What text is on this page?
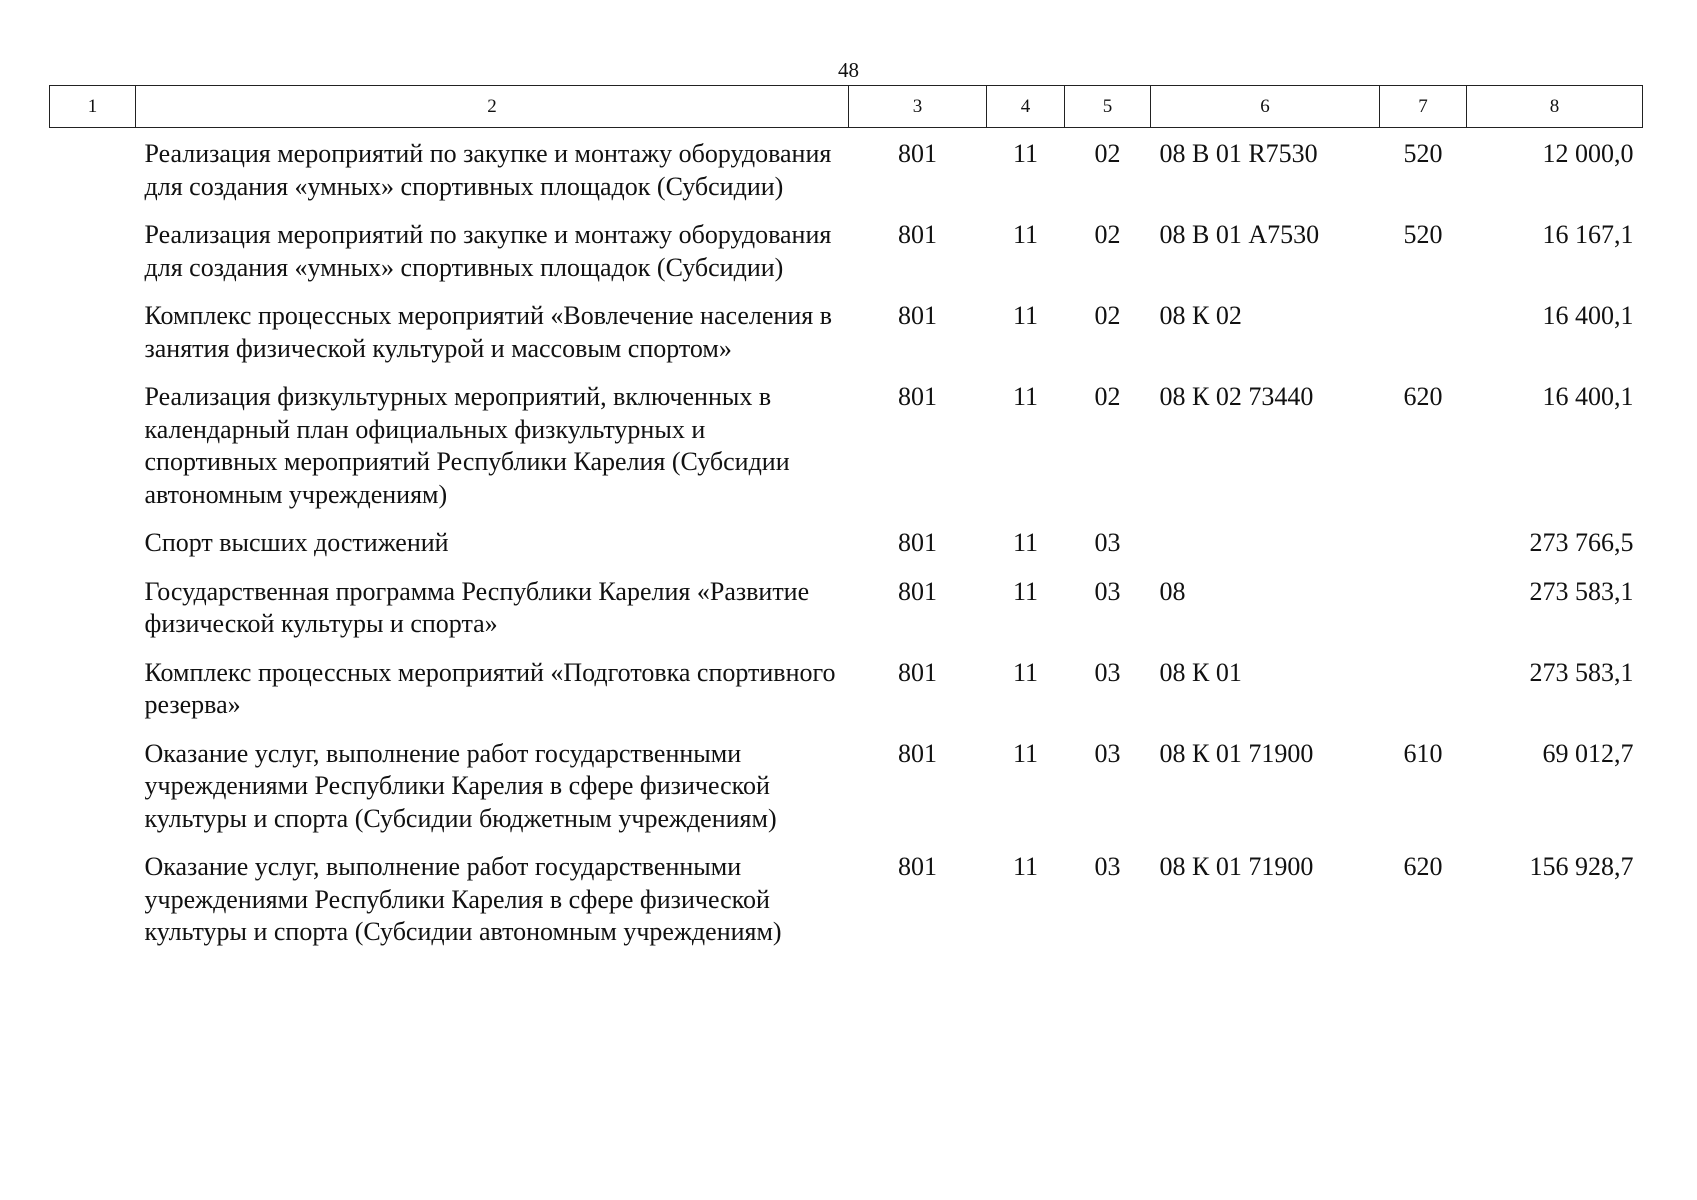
48
1	2	3	4	5	6	7	8
	Реализация мероприятий по закупке и монтажу оборудования для создания «умных» спортивных площадок (Субсидии)	801	11	02	08 В 01 R7530	520	12 000,0
	Реализация мероприятий по закупке и монтажу оборудования для создания «умных» спортивных площадок (Субсидии)	801	11	02	08 В 01 А7530	520	16 167,1
	Комплекс процессных мероприятий «Вовлечение населения в занятия физической культурой и массовым спортом»	801	11	02	08 К 02		16 400,1
	Реализация физкультурных мероприятий, включенных в календарный план официальных физкультурных и спортивных мероприятий Республики Карелия (Субсидии автономным учреждениям)	801	11	02	08 К 02 73440	620	16 400,1
	Спорт высших достижений	801	11	03			273 766,5
	Государственная программа Республики Карелия «Развитие физической культуры и спорта»	801	11	03	08		273 583,1
	Комплекс процессных мероприятий «Подготовка спортивного резерва»	801	11	03	08 К 01		273 583,1
	Оказание услуг, выполнение работ государственными учреждениями Республики Карелия в сфере физической культуры и спорта (Субсидии бюджетным учреждениям)	801	11	03	08 К 01 71900	610	69 012,7
	Оказание услуг, выполнение работ государственными учреждениями Республики Карелия в сфере физической культуры и спорта (Субсидии автономным учреждениям)	801	11	03	08 К 01 71900	620	156 928,7
